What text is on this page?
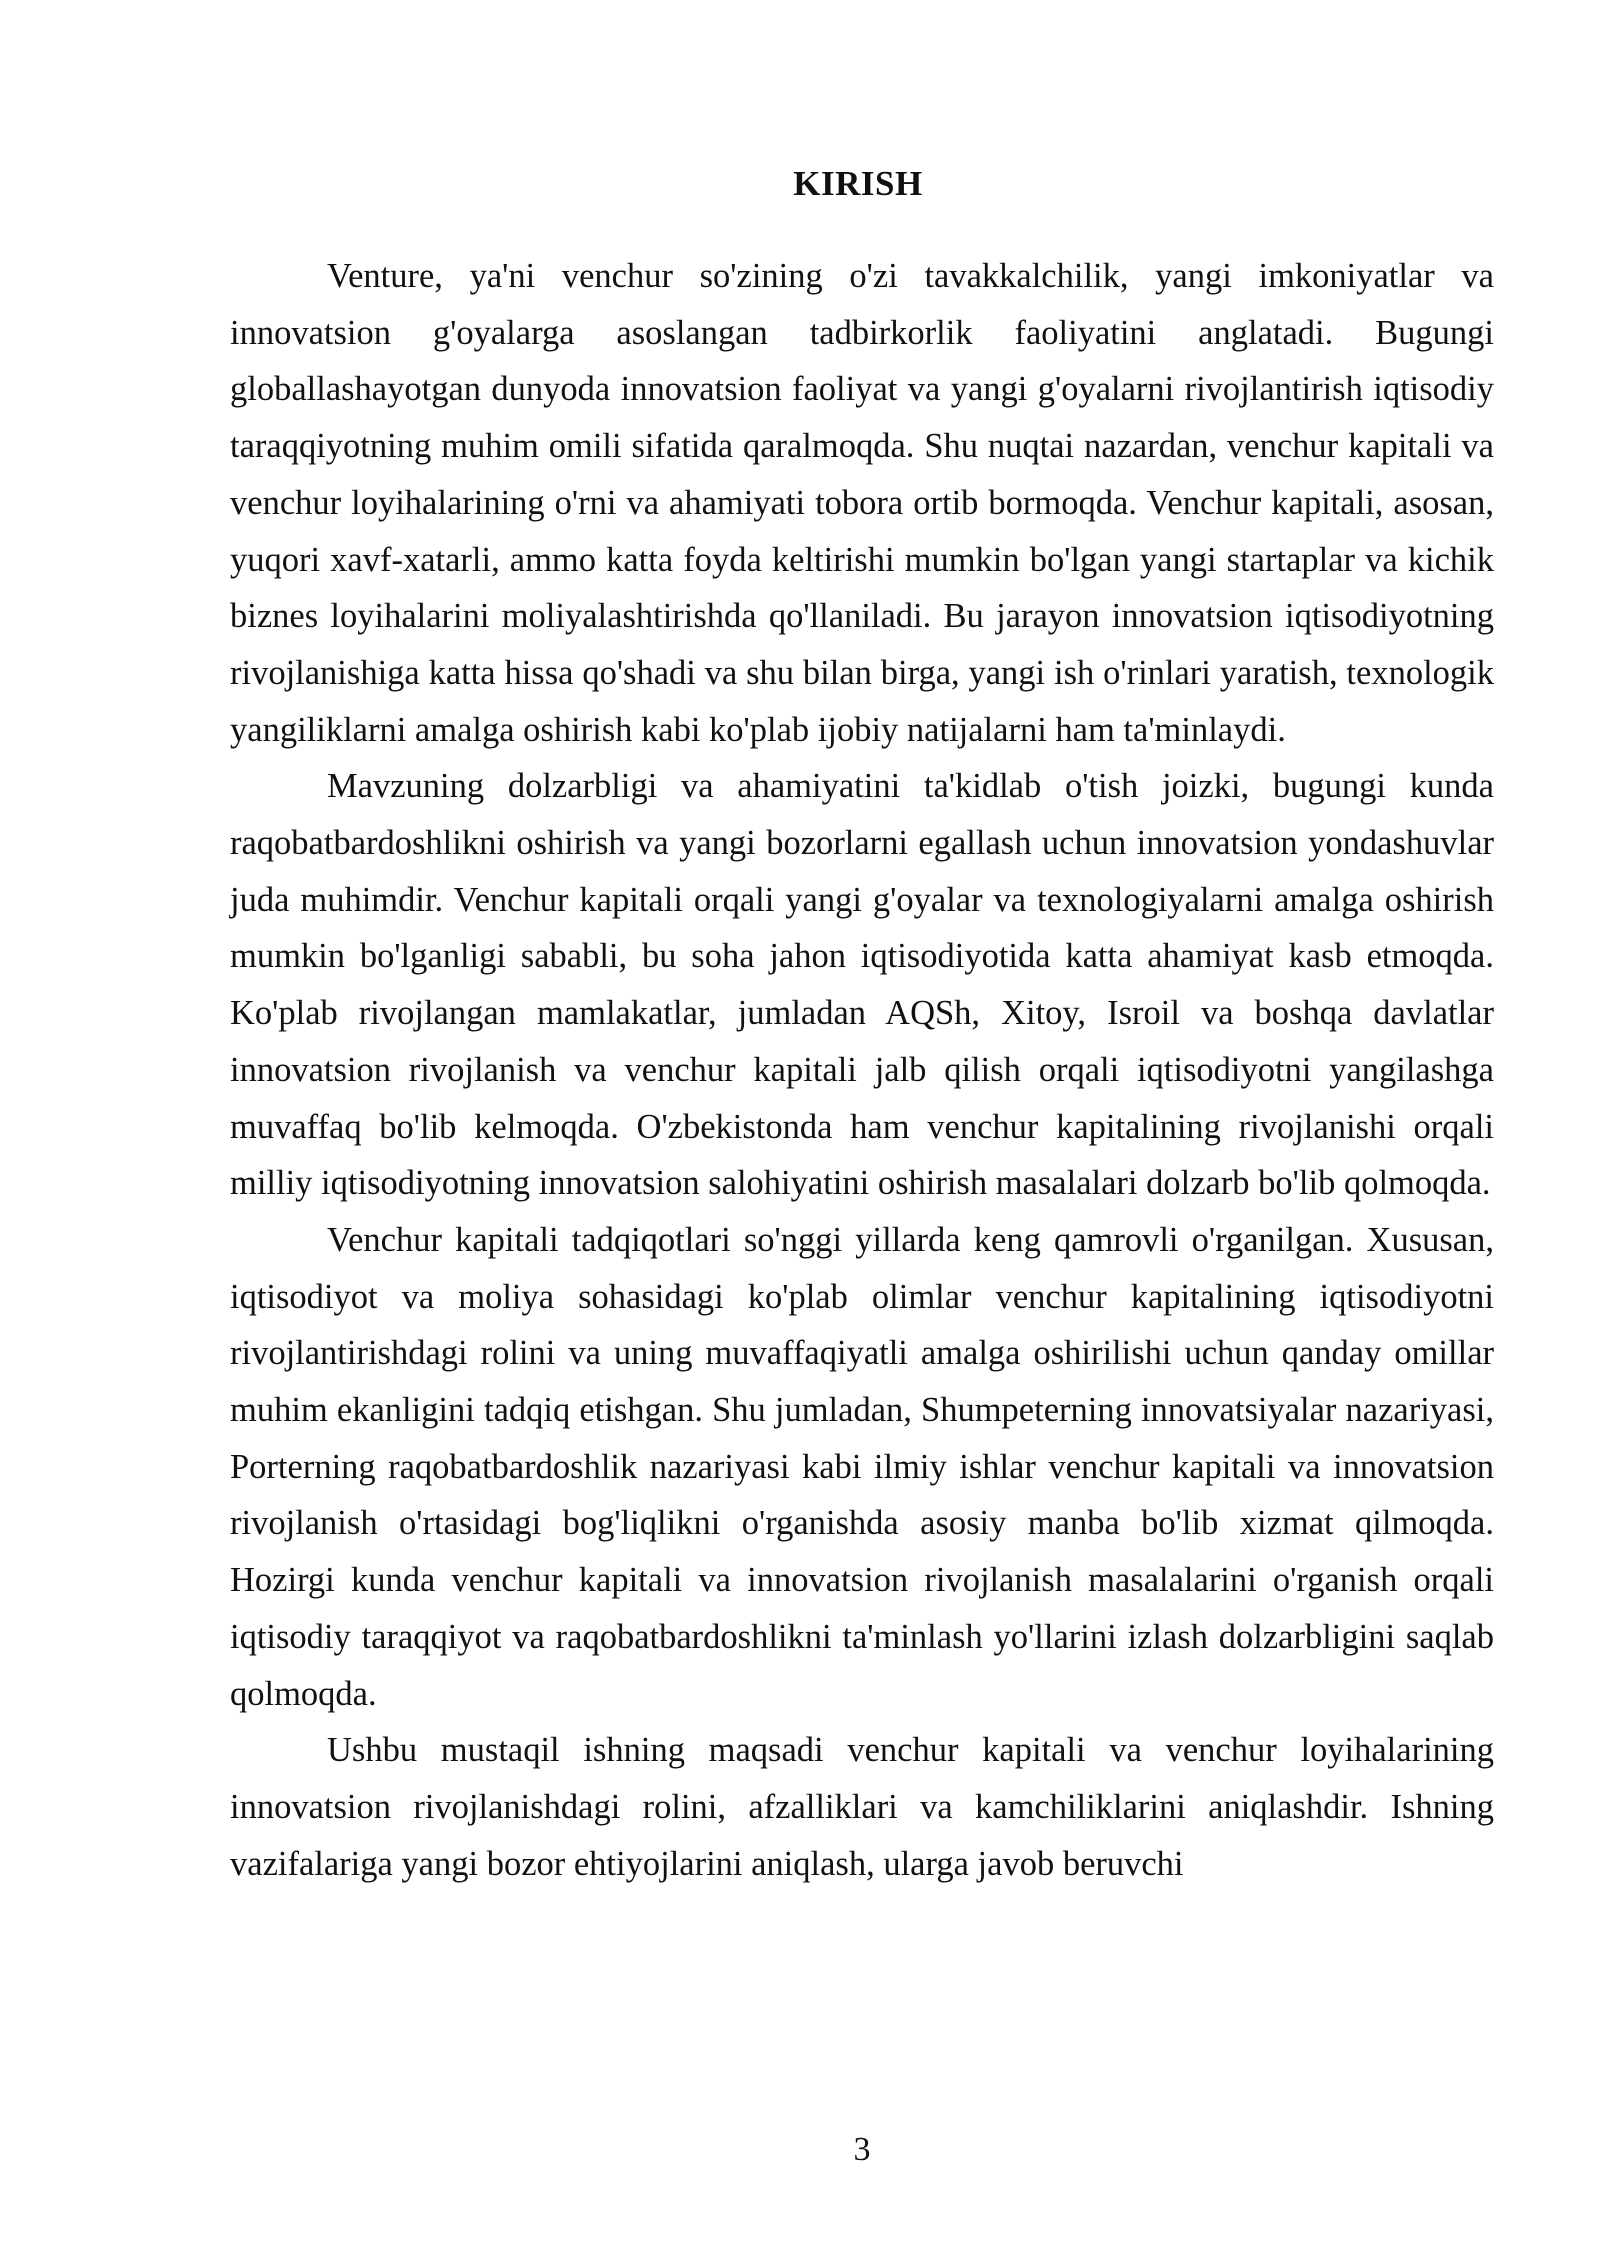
KIRISH

Venture, ya'ni venchur so'zining o'zi tavakkalchilik, yangi imkoniyatlar va innovatsion g'oyalarga asoslangan tadbirkorlik faoliyatini anglatadi. Bugungi globallashayotgan dunyoda innovatsion faoliyat va yangi g'oyalarni rivojlantirish iqtisodiy taraqqiyotning muhim omili sifatida qaralmoqda. Shu nuqtai nazardan, venchur kapitali va venchur loyihalarining o'rni va ahamiyati tobora ortib bormoqda. Venchur kapitali, asosan, yuqori xavf-xatarli, ammo katta foyda keltirishi mumkin bo'lgan yangi startaplar va kichik biznes loyihalarini moliyalashtirishda qo'llaniladi. Bu jarayon innovatsion iqtisodiyotning rivojlanishiga katta hissa qo'shadi va shu bilan birga, yangi ish o'rinlari yaratish, texnologik yangiliklarni amalga oshirish kabi ko'plab ijobiy natijalarni ham ta'minlaydi.

Mavzuning dolzarbligi va ahamiyatini ta'kidlab o'tish joizki, bugungi kunda raqobatbardoshlikni oshirish va yangi bozorlarni egallash uchun innovatsion yondashuvlar juda muhimdir. Venchur kapitali orqali yangi g'oyalar va texnologiyalarni amalga oshirish mumkin bo'lganligi sababli, bu soha jahon iqtisodiyotida katta ahamiyat kasb etmoqda. Ko'plab rivojlangan mamlakatlar, jumladan AQSh, Xitoy, Isroil va boshqa davlatlar innovatsion rivojlanish va venchur kapitali jalb qilish orqali iqtisodiyotni yangilashga muvaffaq bo'lib kelmoqda. O'zbekistonda ham venchur kapitalining rivojlanishi orqali milliy iqtisodiyotning innovatsion salohiyatini oshirish masalalari dolzarb bo'lib qolmoqda.

Venchur kapitali tadqiqotlari so'nggi yillarda keng qamrovli o'rganilgan. Xususan, iqtisodiyot va moliya sohasidagi ko'plab olimlar venchur kapitalining iqtisodiyotni rivojlantirishdagi rolini va uning muvaffaqiyatli amalga oshirilishi uchun qanday omillar muhim ekanligini tadqiq etishgan. Shu jumladan, Shumpeterning innovatsiyalar nazariyasi, Porterning raqobatbardoshlik nazariyasi kabi ilmiy ishlar venchur kapitali va innovatsion rivojlanish o'rtasidagi bog'liqlikni o'rganishda asosiy manba bo'lib xizmat qilmoqda. Hozirgi kunda venchur kapitali va innovatsion rivojlanish masalalarini o'rganish orqali iqtisodiy taraqqiyot va raqobatbardoshlikni ta'minlash yo'llarini izlash dolzarbligini saqlab qolmoqda.

Ushbu mustaqil ishning maqsadi venchur kapitali va venchur loyihalarining innovatsion rivojlanishdagi rolini, afzalliklari va kamchiliklarini aniqlashdir. Ishning vazifalariga yangi bozor ehtiyojlarini aniqlash, ularga javob beruvchi

3
